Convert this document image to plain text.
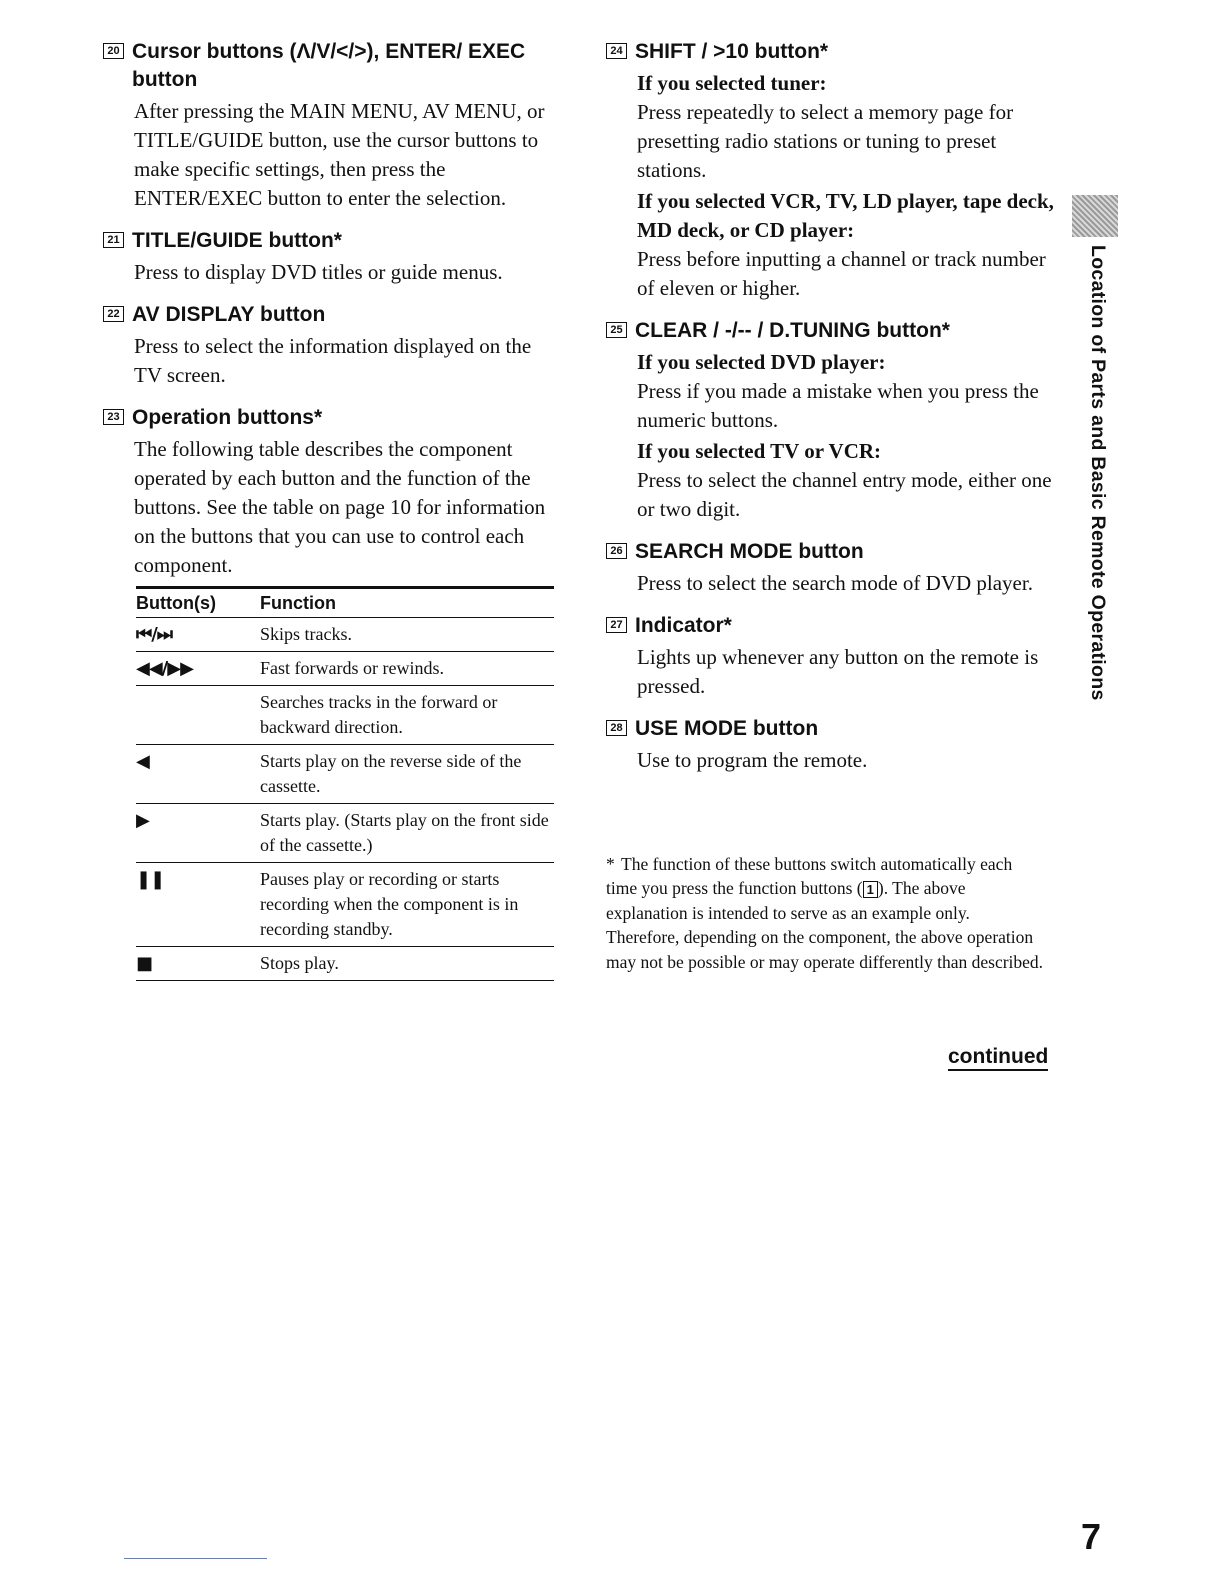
20 Cursor buttons (Λ/V/</>), ENTER/ EXEC button
After pressing the MAIN MENU, AV MENU, or TITLE/GUIDE button, use the cursor buttons to make specific settings, then press the ENTER/EXEC button to enter the selection.
21 TITLE/GUIDE button*
Press to display DVD titles or guide menus.
22 AV DISPLAY button
Press to select the information displayed on the TV screen.
23 Operation buttons*
The following table describes the component operated by each button and the function of the buttons. See the table on page 10 for information on the buttons that you can use to control each component.
Button(s)	Function
⏮/⏭	Skips tracks.
◀◀/▶▶	Fast forwards or rewinds.
	Searches tracks in the forward or backward direction.
◀	Starts play on the reverse side of the cassette.
▶	Starts play. (Starts play on the front side of the cassette.)
❚❚	Pauses play or recording or starts recording when the component is in recording standby.
■	Stops play.
24 SHIFT / >10 button*
If you selected tuner:
Press repeatedly to select a memory page for presetting radio stations or tuning to preset stations.
If you selected VCR, TV, LD player, tape deck, MD deck, or CD player:
Press before inputting a channel or track number of eleven or higher.
25 CLEAR / -/-- / D.TUNING button*
If you selected DVD player:
Press if you made a mistake when you press the numeric buttons.
If you selected TV or VCR:
Press to select the channel entry mode, either one or two digit.
26 SEARCH MODE button
Press to select the search mode of DVD player.
27 Indicator*
Lights up whenever any button on the remote is pressed.
28 USE MODE button
Use to program the remote.
* The function of these buttons switch automatically each time you press the function buttons ( 1 ). The above explanation is intended to serve as an example only. Therefore, depending on the component, the above operation may not be possible or may operate differently than described.
continued
Location of Parts and Basic Remote Operations
7
